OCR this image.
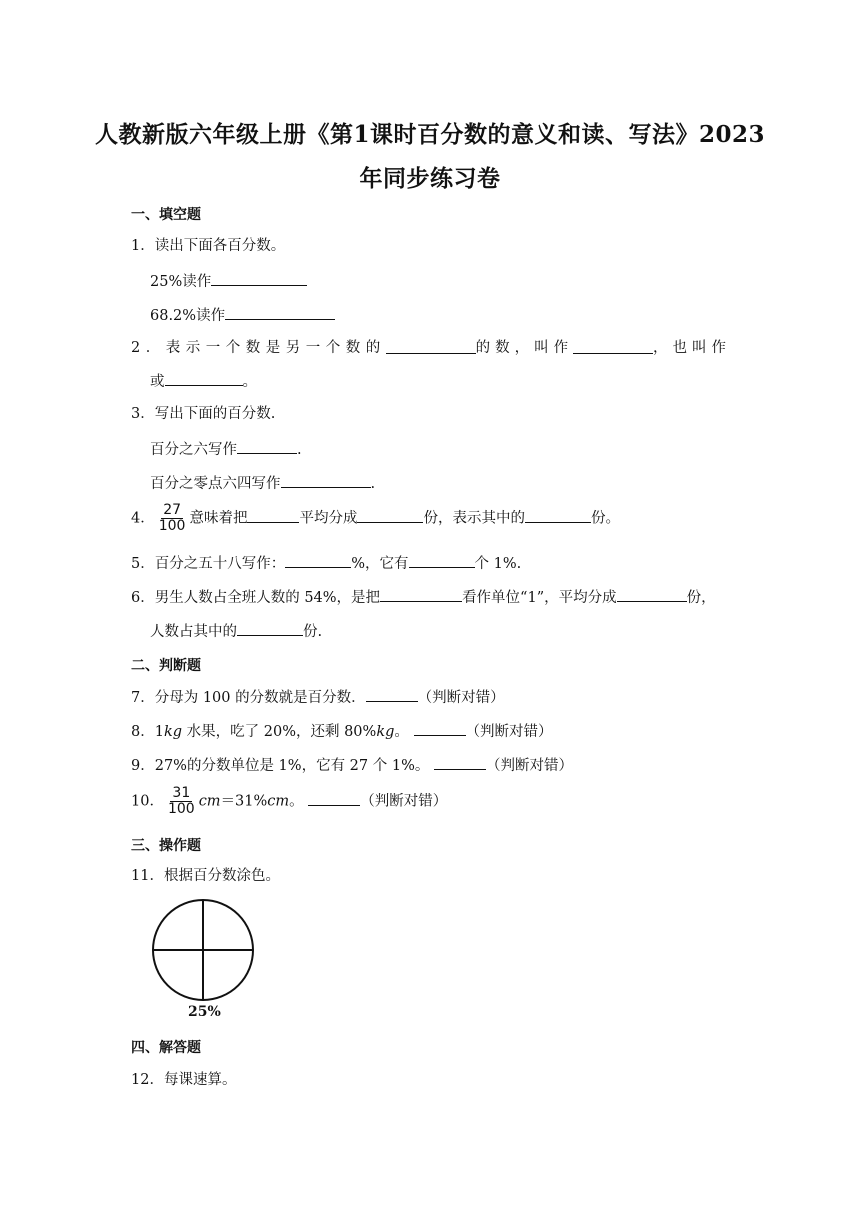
人教新版六年级上册《第1课时百分数的意义和读、写法》2023
年同步练习卷
一、填空题
1．读出下面各百分数。
25%读作
68.2%读作
2．表示一个数是另一个数的	的数，叫作	，也叫作
或	。
3．写出下面的百分数.
百分之六写作	.
百分之零点六四写作	.
4． $\frac{27}{100}$ 意味着把	平均分成	份，表示其中的	份。
5．百分之五十八写作：	%，它有	个 1%.
6．男生人数占全班人数的 54%，是把	看作单位“1”，平均分成	份，
人数占其中的	份.
二、判断题
7．分母为 100 的分数就是百分数．	（判断对错）
8．1kg 水果，吃了 20%，还剩 80%kg。	（判断对错）
9．27%的分数单位是 1%，它有 27 个 1%。	（判断对错）
10． $\frac{31}{100} cm=31\%cm$。	（判断对错）
三、操作题
11．根据百分数涂色。
25%
四、解答题
12．每课速算。
